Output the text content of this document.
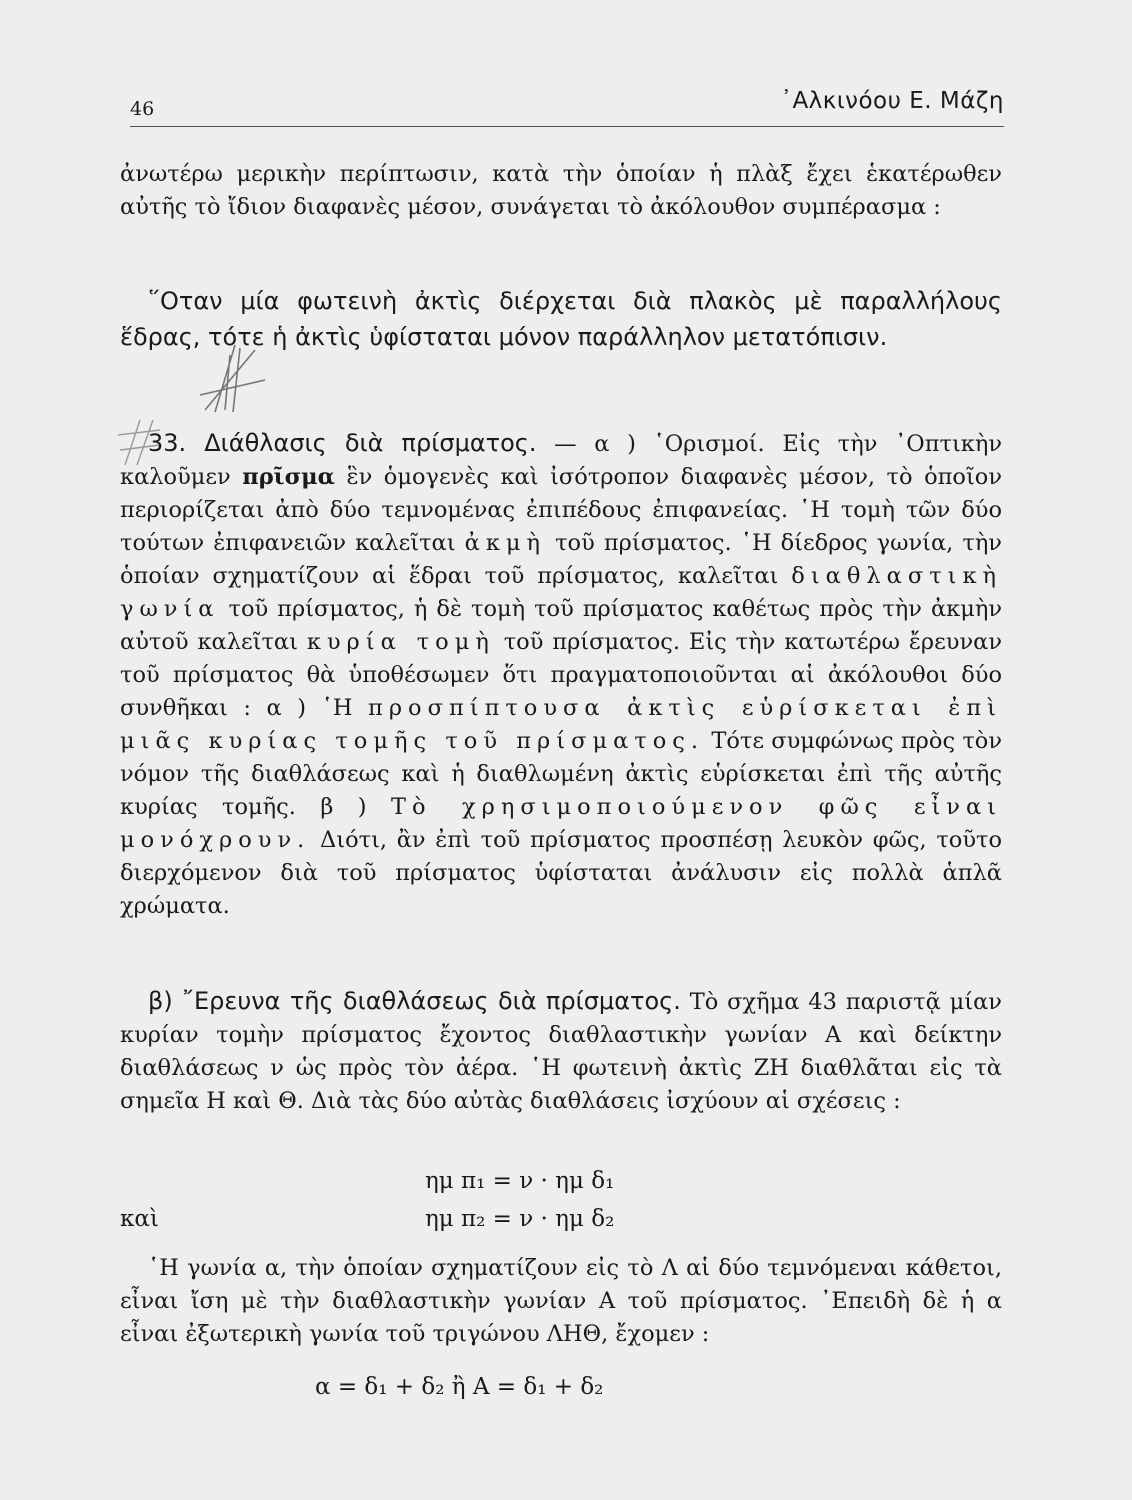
46	᾿Αλκινόου Ε. Μάζη

ἀνωτέρω μερικὴν περίπτωσιν, κατὰ τὴν ὁποίαν ἡ πλὰξ ἔχει ἑκατέρωθεν αὐτῆς τὸ ἴδιον διαφανὲς μέσον, συνάγεται τὸ ἀκόλουθον συμπέρασμα :

῞Οταν μία φωτεινὴ ἀκτὶς διέρχεται διὰ πλακὸς μὲ παραλλήλους ἕδρας, τότε ἡ ἀκτὶς ὑφίσταται μόνον παράλληλον μετατόπισιν.

33. Διάθλασις διὰ πρίσματος. — α ) ῾Ορισμοί. Εἰς τὴν ᾿Οπτικὴν καλοῦμεν πρῖσμα ἓν ὁμογενὲς καὶ ἰσότροπον διαφανὲς μέσον, τὸ ὁποῖον περιορίζεται ἀπὸ δύο τεμνομένας ἐπιπέδους ἐπιφανείας. ῾Η τομὴ τῶν δύο τούτων ἐπιφανειῶν καλεῖται ἀκμὴ τοῦ πρίσματος. ῾Η δίεδρος γωνία, τὴν ὁποίαν σχηματίζουν αἱ ἕδραι τοῦ πρίσματος, καλεῖται διαθλαστικὴ γωνία τοῦ πρίσματος, ἡ δὲ τομὴ τοῦ πρίσματος καθέτως πρὸς τὴν ἀκμὴν αὐτοῦ καλεῖται κυρία τομὴ τοῦ πρίσματος. Εἰς τὴν κατωτέρω ἔρευναν τοῦ πρίσματος θὰ ὑποθέσωμεν ὅτι πραγματοποιοῦνται αἱ ἀκόλουθοι δύο συνθῆκαι : α ) ῾Η προσπίπτουσα ἀκτὶς εὑρίσκεται ἐπὶ μιᾶς κυρίας τομῆς τοῦ πρίσματος. Τότε συμφώνως πρὸς τὸν νόμον τῆς διαθλάσεως καὶ ἡ διαθλωμένη ἀκτὶς εὑρίσκεται ἐπὶ τῆς αὐτῆς κυρίας τομῆς. β ) Τὸ χρησιμοποιούμενον φῶς εἶναι μονόχρουν. Διότι, ἂν ἐπὶ τοῦ πρίσματος προσπέσῃ λευκὸν φῶς, τοῦτο διερχόμενον διὰ τοῦ πρίσματος ὑφίσταται ἀνάλυσιν εἰς πολλὰ ἁπλᾶ χρώματα.

β) ῎Ερευνα τῆς διαθλάσεως διὰ πρίσματος. Τὸ σχῆμα 43 παριστᾷ μίαν κυρίαν τομὴν πρίσματος ἔχοντος διαθλαστικὴν γωνίαν Α καὶ δείκτην διαθλάσεως ν ὡς πρὸς τὸν ἀέρα. ῾Η φωτεινὴ ἀκτὶς ΖΗ διαθλᾶται εἰς τὰ σημεῖα Η καὶ Θ. Διὰ τὰς δύο αὐτὰς διαθλάσεις ἰσχύουν αἱ σχέσεις :

ημ π₁ = ν · ημ δ₁
καὶ	ημ π₂ = ν · ημ δ₂

῾Η γωνία α, τὴν ὁποίαν σχηματίζουν εἰς τὸ Λ αἱ δύο τεμνόμεναι κάθετοι, εἶναι ἴση μὲ τὴν διαθλαστικὴν γωνίαν Α τοῦ πρίσματος. ᾿Επειδὴ δὲ ἡ α εἶναι ἐξωτερικὴ γωνία τοῦ τριγώνου ΛΗΘ, ἔχομεν :

α = δ₁ + δ₂ ἢ Α = δ₁ + δ₂
